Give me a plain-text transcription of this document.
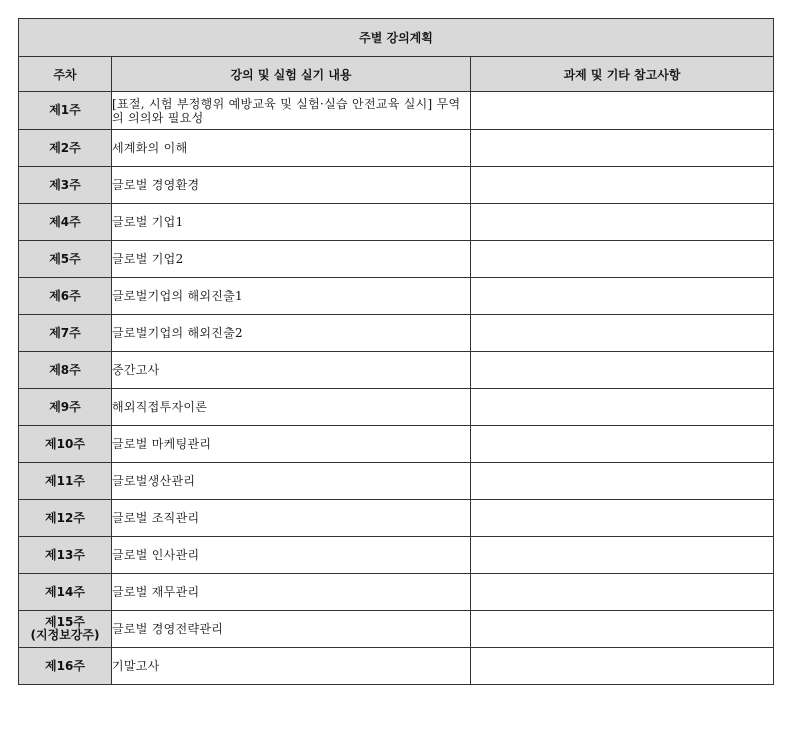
주별 강의계획		
주차	강의 및 실험 실기 내용	과제 및 기타 참고사항
제1주	[표절, 시험 부정행위 예방교육 및 실험·실습 안전교육 실시] 무역의 의의와 필요성	
제2주	세계화의 이해	
제3주	글로벌 경영환경	
제4주	글로벌 기업1	
제5주	글로벌 기업2	
제6주	글로벌기업의 해외진출1	
제7주	글로벌기업의 해외진출2	
제8주	중간고사	
제9주	해외직접투자이론	
제10주	글로벌 마케팅관리	
제11주	글로벌생산관리	
제12주	글로벌 조직관리	
제13주	글로벌 인사관리	
제14주	글로벌 재무관리	
제15주
(지정보강주)	글로벌 경영전략관리	
제16주	기말고사	
